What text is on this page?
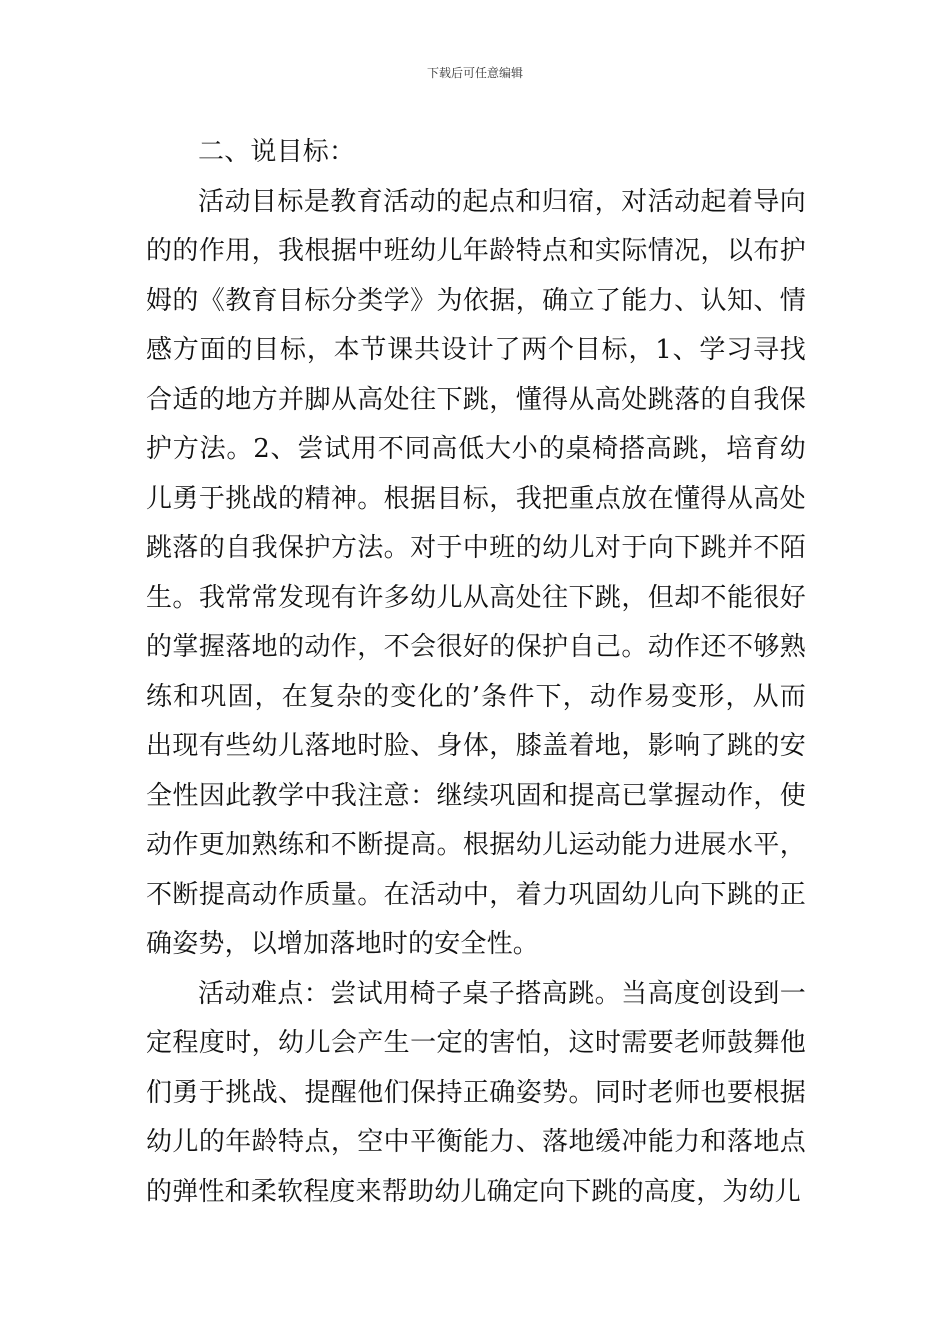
下载后可任意编辑

二、说目标：

活动目标是教育活动的起点和归宿，对活动起着导向的的作用，我根据中班幼儿年龄特点和实际情况，以布护姆的《教育目标分类学》为依据，确立了能力、认知、情感方面的目标，本节课共设计了两个目标，1、学习寻找合适的地方并脚从高处往下跳，懂得从高处跳落的自我保护方法。2、尝试用不同高低大小的桌椅搭高跳，培育幼儿勇于挑战的精神。根据目标，我把重点放在懂得从高处跳落的自我保护方法。对于中班的幼儿对于向下跳并不陌生。我常常发现有许多幼儿从高处往下跳，但却不能很好的掌握落地的动作，不会很好的保护自己。动作还不够熟练和巩固，在复杂的变化的’条件下，动作易变形，从而出现有些幼儿落地时脸、身体，膝盖着地，影响了跳的安全性因此教学中我注意：继续巩固和提高已掌握动作，使动作更加熟练和不断提高。根据幼儿运动能力进展水平，不断提高动作质量。在活动中，着力巩固幼儿向下跳的正确姿势，以增加落地时的安全性。

活动难点：尝试用椅子桌子搭高跳。当高度创设到一定程度时，幼儿会产生一定的害怕，这时需要老师鼓舞他们勇于挑战、提醒他们保持正确姿势。同时老师也要根据幼儿的年龄特点，空中平衡能力、落地缓冲能力和落地点的弹性和柔软程度来帮助幼儿确定向下跳的高度，为幼儿
